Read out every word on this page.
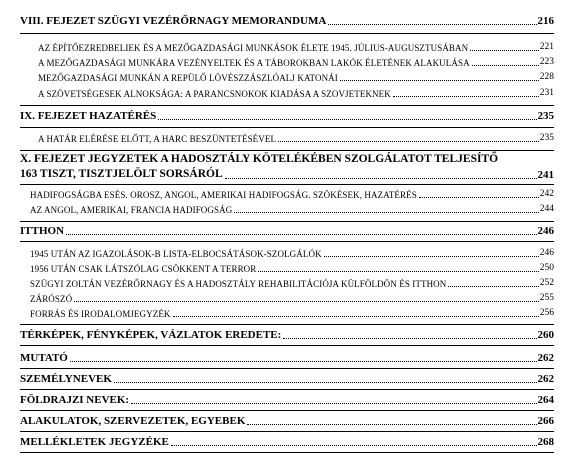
VIII. FEJEZET SZÜGYI VEZÉRŐRNAGY MEMORANDUMA	216
AZ ÉPÍTŐEZREDBELIEK ÉS A MEZŐGAZDASÁGI MUNKÁSOK ÉLETE 1945. JÚLIUS-AUGUSZTUSÁBAN	221
A MEZŐGAZDASÁGI MUNKÁRA VEZÉNYELTEK ÉS A TÁBOROKBAN LAKÓK ÉLETÉNEK ALAKULÁSA	223
MEZŐGAZDASÁGI MUNKÁN A REPÜLŐ LÖVÉSZZÁSZLÓALJ KATONÁI	228
A SZÖVETSÉGESEK ALNOKSÁGA: A PARANCSNOKOK KIADÁSA A SZOVJETEKNEK	231
IX. FEJEZET HAZATÉRÉS	235
A HATÁR ELÉRÉSE ELŐTT, A HARC BESZÜNTETÉSÉVEL	235
X. FEJEZET JEGYZETEK A HADOSZTÁLY KÖTELÉKÉBEN SZOLGÁLATOT TELJESÍTŐ
163 TISZT, TISZTJELÖLT SORSÁRÓL	241
HADIFOGSÁGBA ESÉS. OROSZ, ANGOL, AMERIKAI HADIFOGSÁG. SZÖKÉSEK, HAZATÉRÉS	242
AZ ANGOL, AMERIKAI, FRANCIA HADIFOGSÁG	244
ITTHON	246
1945 UTÁN AZ IGAZOLÁSOK-B LISTA-ELBOCSÁTÁSOK-SZOLGÁLÓK	246
1956 UTÁN CSAK LÁTSZÓLAG CSÖKKENT A TERROR	250
SZÜGYI ZOLTÁN VEZÉRŐRNAGY ÉS A HADOSZTÁLY REHABILITÁCIÓJA KÜLFÖLDÖN ÉS ITTHON	252
ZÁRÓSZÓ	255
FORRÁS ÉS IRODALOMJEGYZÉK	256
TÉRKÉPEK, FÉNYKÉPEK, VÁZLATOK EREDETE:	260
MUTATÓ	262
SZEMÉLYNEVEK	262
FÖLDRAJZI NEVEK:	264
ALAKULATOK, SZERVEZETEK, EGYEBEK	266
MELLÉKLETEK JEGYZÉKE	268
